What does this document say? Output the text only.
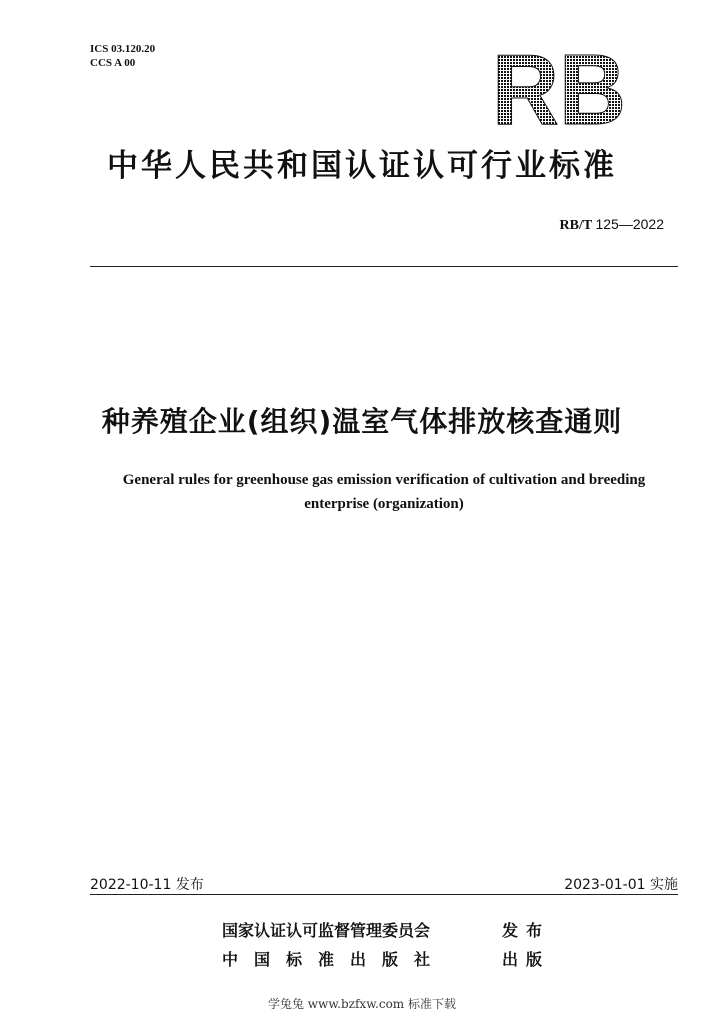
ICS 03.120.20
CCS A 00	RB
中华人民共和国认证认可行业标准
RB/T 125—2022
种养殖企业(组织)温室气体排放核查通则
General rules for greenhouse gas emission verification of cultivation and breeding
enterprise (organization)
2022-10-11 发布	2023-01-01 实施
国家认证认可监督管理委员会	发布
中国标准出版社	出版
学兔兔 www.bzfxw.com 标准下载
